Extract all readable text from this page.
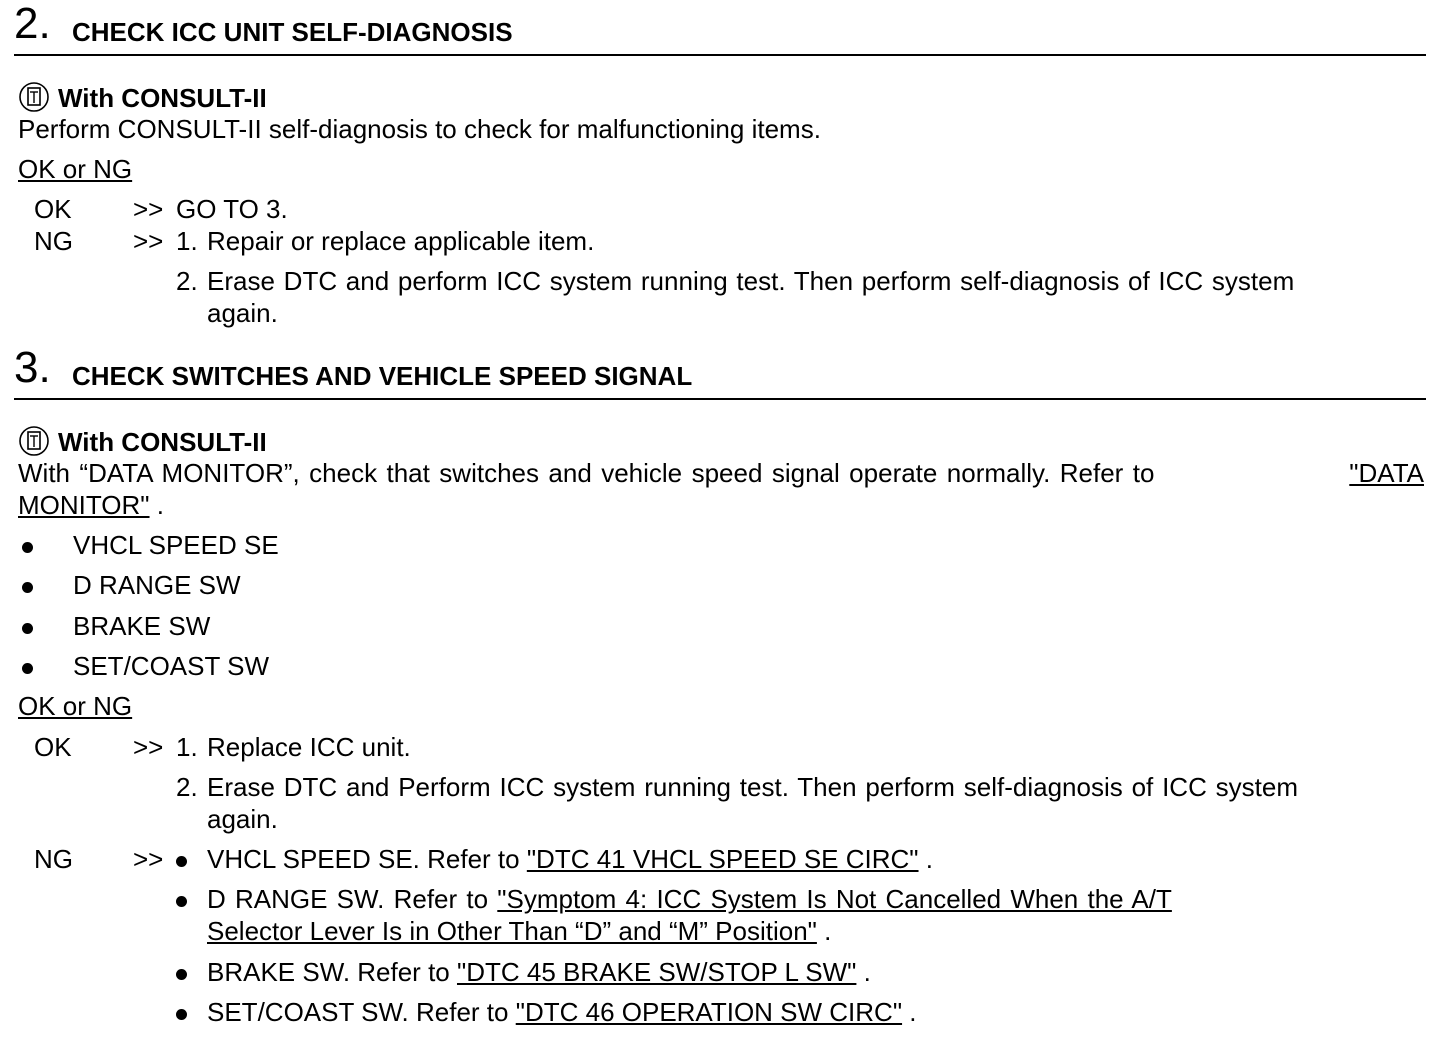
2. CHECK ICC UNIT SELF-DIAGNOSIS
With CONSULT-II
Perform CONSULT-II self-diagnosis to check for malfunctioning items.
OK or NG
OK >> GO TO 3.
NG >> 1. Repair or replace applicable item.
2. Erase DTC and perform ICC system running test. Then perform self-diagnosis of ICC system
again.
3. CHECK SWITCHES AND VEHICLE SPEED SIGNAL
With CONSULT-II
With “DATA MONITOR”, check that switches and vehicle speed signal operate normally. Refer to	"DATA
MONITOR" .
VHCL SPEED SE
D RANGE SW
BRAKE SW
SET/COAST SW
OK or NG
OK >> 1. Replace ICC unit.
2. Erase DTC and Perform ICC system running test. Then perform self-diagnosis of ICC system
again.
NG >> VHCL SPEED SE. Refer to "DTC 41 VHCL SPEED SE CIRC" .
D RANGE SW. Refer to "Symptom 4: ICC System Is Not Cancelled When the A/T
Selector Lever Is in Other Than “D” and “M” Position" .
BRAKE SW. Refer to "DTC 45 BRAKE SW/STOP L SW" .
SET/COAST SW. Refer to "DTC 46 OPERATION SW CIRC" .
